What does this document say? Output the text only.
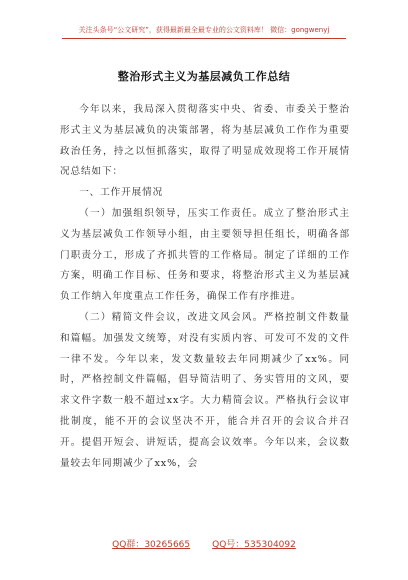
关注头条号“公文研究”，获得最新最全最专业的公文资料库！ 微信：gongwenyj
整治形式主义为基层减负工作总结

今年以来，我局深入贯彻落实中央、省委、市委关于整治形式主义为基层减负的决策部署，将为基层减负工作作为重要政治任务，持之以恒抓落实，取得了明显成效现将工作开展情况总结如下：

一、工作开展情况

（一）加强组织领导，压实工作责任。成立了整治形式主义为基层减负工作领导小组，由主要领导担任组长，明确各部门职责分工，形成了齐抓共管的工作格局。制定了详细的工作方案，明确工作目标、任务和要求，将整治形式主义为基层减负工作纳入年度重点工作任务，确保工作有序推进。

（二）精简文件会议，改进文风会风。严格控制文件数量和篇幅。加强发文统筹，对没有实质内容、可发可不发的文件一律不发。今年以来，发文数量较去年同期减少了xx%。同时，严格控制文件篇幅，倡导简洁明了、务实管用的文风，要求文件字数一般不超过xx字。大力精简会议。严格执行会议审批制度，能不开的会议坚决不开，能合并召开的会议合并召开。提倡开短会、讲短话，提高会议效率。今年以来，会议数量较去年同期减少了xx%，会

QQ群：30265665 QQ号：535304092
